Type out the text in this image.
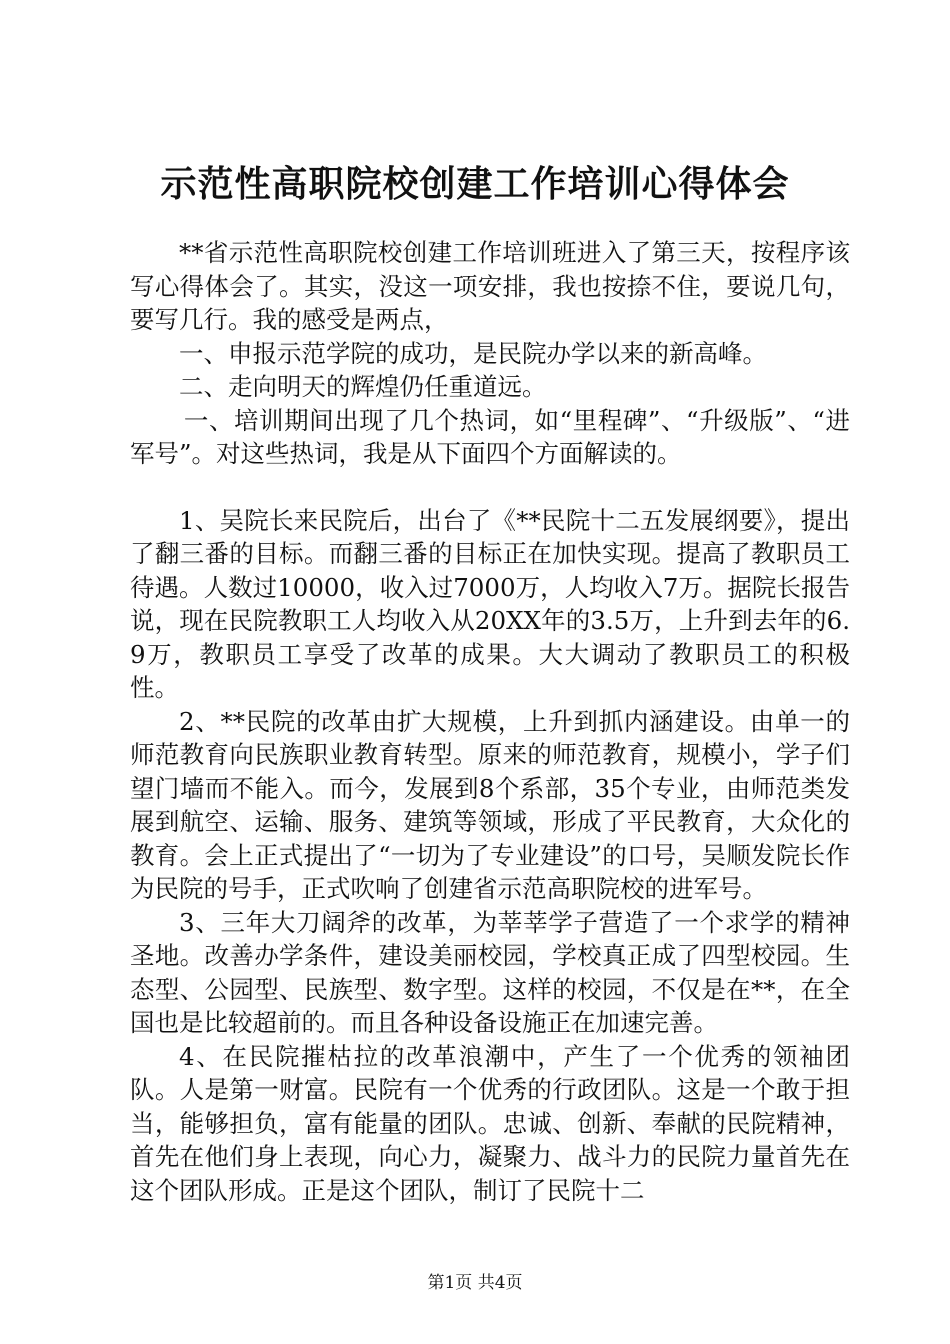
示范性高职院校创建工作培训心得体会

**省示范性高职院校创建工作培训班进入了第三天，按程序该写心得体会了。其实，没这一项安排，我也按捺不住，要说几句，要写几行。我的感受是两点，

一、申报示范学院的成功，是民院办学以来的新高峰。

二、走向明天的辉煌仍任重道远。

一、培训期间出现了几个热词，如“里程碑”、“升级版”、“进军号”。对这些热词，我是从下面四个方面解读的。

1、吴院长来民院后，出台了《**民院十二五发展纲要》，提出了翻三番的目标。而翻三番的目标正在加快实现。提高了教职员工待遇。人数过10000，收入过7000万，人均收入7万。据院长报告说，现在民院教职工人均收入从20XX年的3.5万，上升到去年的6.9万，教职员工享受了改革的成果。大大调动了教职员工的积极性。

2、**民院的改革由扩大规模，上升到抓内涵建设。由单一的师范教育向民族职业教育转型。原来的师范教育，规模小，学子们望门墙而不能入。而今，发展到8个系部，35个专业，由师范类发展到航空、运输、服务、建筑等领域，形成了平民教育，大众化的教育。会上正式提出了“一切为了专业建设”的口号，吴顺发院长作为民院的号手，正式吹响了创建省示范高职院校的进军号。

3、三年大刀阔斧的改革，为莘莘学子营造了一个求学的精神圣地。改善办学条件，建设美丽校园，学校真正成了四型校园。生态型、公园型、民族型、数字型。这样的校园，不仅是在**，在全国也是比较超前的。而且各种设备设施正在加速完善。

4、在民院摧枯拉的改革浪潮中，产生了一个优秀的领袖团队。人是第一财富。民院有一个优秀的行政团队。这是一个敢于担当，能够担负，富有能量的团队。忠诚、创新、奉献的民院精神，首先在他们身上表现，向心力，凝聚力、战斗力的民院力量首先在这个团队形成。正是这个团队，制订了民院十二

第1页 共4页
